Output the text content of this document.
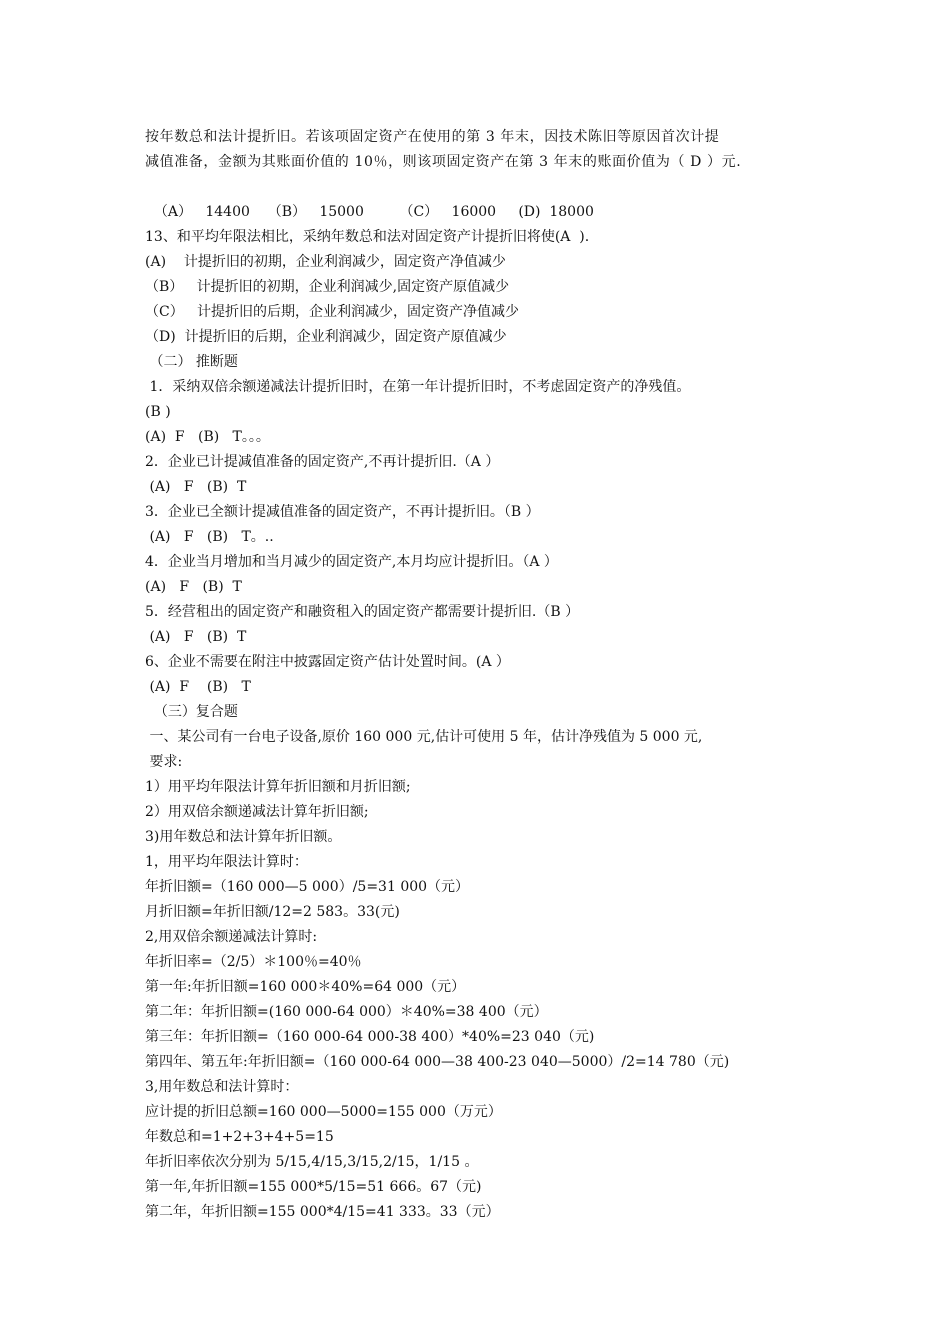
按年数总和法计提折旧。若该项固定资产在使用的第 3 年末，因技术陈旧等原因首次计提
减值准备，金额为其账面价值的 10％，则该项固定资产在第 3 年末的账面价值为（ D ）元.
（A）   14400    （B）   15000        （C）   16000     (D)  18000
13、和平均年限法相比，采纳年数总和法对固定资产计提折旧将使(A  ).
(A)    计提折旧的初期，企业利润减少，固定资产净值减少
（B）   计提折旧的初期，企业利润减少,固定资产原值减少
（C）   计提折旧的后期，企业利润减少，固定资产净值减少
（D)  计提折旧的后期，企业利润减少，固定资产原值减少
（二） 推断题
1．采纳双倍余额递减法计提折旧时，在第一年计提折旧时，不考虑固定资产的净残值。
(B )
(A)  F   (B)   T。。。
2．企业已计提减值准备的固定资产,不再计提折旧.（A ）
(A)   F   (B)  T
3．企业已全额计提减值准备的固定资产，不再计提折旧。（B ）
(A)   F   (B)   T。..
4．企业当月增加和当月减少的固定资产,本月均应计提折旧。（A ）
(A)   F   (B)  T
5．经营租出的固定资产和融资租入的固定资产都需要计提折旧.（B ）
(A)   F   (B)  T
6、企业不需要在附注中披露固定资产估计处置时间。(A ）
(A)  F    (B)   T
（三）复合题
一、某公司有一台电子设备,原价 160 000 元,估计可使用 5 年，估计净残值为 5 000 元,
要求:
1）用平均年限法计算年折旧额和月折旧额;
2）用双倍余额递减法计算年折旧额;
3)用年数总和法计算年折旧额。
1，用平均年限法计算时：
年折旧额=（160 000—5 000）/5=31 000（元）
月折旧额=年折旧额/12=2 583。33(元)
2,用双倍余额递减法计算时:
年折旧率=（2/5）＊100％=40％
第一年:年折旧额=160 000＊40%=64 000（元）
第二年：年折旧额=(160 000-64 000）＊40%=38 400（元）
第三年：年折旧额=（160 000-64 000-38 400）*40%=23 040（元)
第四年、第五年:年折旧额=（160 000-64 000—38 400-23 040—5000）/2=14 780（元)
3,用年数总和法计算时：
应计提的折旧总额=160 000—5000=155 000（万元）
年数总和=1+2+3+4+5=15
年折旧率依次分别为 5/15,4/15,3/15,2/15，1/15 。
第一年,年折旧额=155 000*5/15=51 666。67（元)
第二年，年折旧额=155 000*4/15=41 333。33（元）
